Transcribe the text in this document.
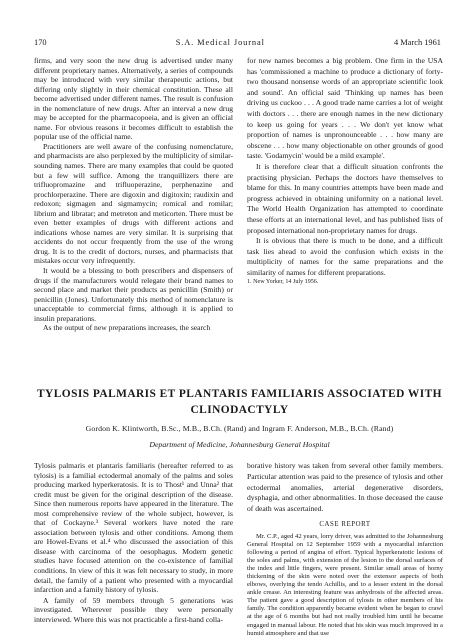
170	S.A. Medical Journal	4 March 1961

firms, and very soon the new drug is advertised under many different proprietary names. Alternatively, a series of compounds may be introduced with very similar therapeutic actions, but differing only slightly in their chemical constitution. These all become advertised under different names. The result is confusion in the nomenclature of new drugs. After an interval a new drug may be accepted for the pharmacopoeia, and is given an official name. For obvious reasons it becomes difficult to establish the popular use of the official name.

Practitioners are well aware of the confusing nomenclature, and pharmacists are also perplexed by the multiplicity of similar-sounding names. There are many examples that could be quoted but a few will suffice. Among the tranquillizers there are trifluopromazine and trifluoperazine, perphenazine and prochlorperazine. There are digoxin and digitoxin; raudixin and redoxon; sigmagen and sigmamycin; romical and romilar; librium and libratar; and metreton and meticorten. There must be even better examples of drugs with different actions and indications whose names are very similar. It is surprising that accidents do not occur frequently from the use of the wrong drug. It is to the credit of doctors, nurses, and pharmacists that mistakes occur very infrequently.

It would be a blessing to both prescribers and dispensers of drugs if the manufacturers would relegate their brand names to second place and market their products as penicillin (Smith) or penicillin (Jones). Unfortunately this method of nomenclature is unacceptable to commercial firms, although it is applied to insulin preparations.

As the output of new preparations increases, the search

for new names becomes a big problem. One firm in the USA has 'commissioned a machine to produce a dictionary of forty-two thousand nonsense words of an appropriate scientific look and sound'. An official said 'Thinking up names has been driving us cuckoo . . . A good trade name carries a lot of weight with doctors . . . there are enough names in the new dictionary to keep us going for years . . . We don't yet know what proportion of names is unpronounceable . . . how many are obscene . . . how many objectionable on other grounds of good taste. 'Godamycin' would be a mild example'.

It is therefore clear that a difficult situation confronts the practising physician. Perhaps the doctors have themselves to blame for this. In many countries attempts have been made and progress achieved in obtaining uniformity on a national level. The World Health Organization has attempted to coordinate these efforts at an international level, and has published lists of proposed international non-proprietary names for drugs.

It is obvious that there is much to be done, and a difficult task lies ahead to avoid the confusion which exists in the multiplicity of names for the same preparations and the similarity of names for different preparations.

1. New Yorker, 14 July 1956.

TYLOSIS PALMARIS ET PLANTARIS FAMILIARIS ASSOCIATED WITH CLINODACTYLY
Gordon K. Klintworth, B.Sc., M.B., B.Ch. (Rand) and Ingram F. Anderson, M.B., B.Ch. (Rand)
Department of Medicine, Johannesburg General Hospital

Tylosis palmaris et plantaris familiaris (hereafter referred to as tylosis) is a familial ectodermal anomaly of the palms and soles producing marked hyperkeratosis. It is to Thost¹ and Unna² that credit must be given for the original description of the disease. Since then numerous reports have appeared in the literature. The most comprehensive review of the whole subject, however, is that of Cockayne.³ Several workers have noted the rare association between tylosis and other conditions. Among them are Howel-Evans et al.⁴ who discussed the association of this disease with carcinoma of the oesophagus. Modern genetic studies have focused attention on the co-existence of familial conditions. In view of this it was felt necessary to study, in more detail, the family of a patient who presented with a myocardial infarction and a family history of tylosis.

A family of 59 members through 5 generations was investigated. Wherever possible they were personally interviewed. Where this was not practicable a first-hand colla-

borative history was taken from several other family members. Particular attention was paid to the presence of tylosis and other ectodermal anomalies, arterial degenerative disorders, dysphagia, and other abnormalities. In those deceased the cause of death was ascertained.

CASE REPORT

Mr. C.P., aged 42 years, lorry driver, was admitted to the Johannesburg General Hospital on 12 September 1959 with a myocardial infarction following a period of angina of effort. Typical hyperkeratotic lesions of the soles and palms, with extension of the lesion to the dorsal surfaces of the index and little fingers, were present. Similar small areas of horny thickening of the skin were noted over the extensor aspects of both elbows, overlying the tendo Achillis, and to a lesser extent in the dorsal ankle crease. An interesting feature was anhydrosis of the affected areas. The patient gave a good description of tylosis in other members of his family. The condition apparently became evident when he began to crawl at the age of 6 months but had not really troubled him until he became engaged in manual labour. He noted that his skin was much improved in a humid atmosphere and that use
